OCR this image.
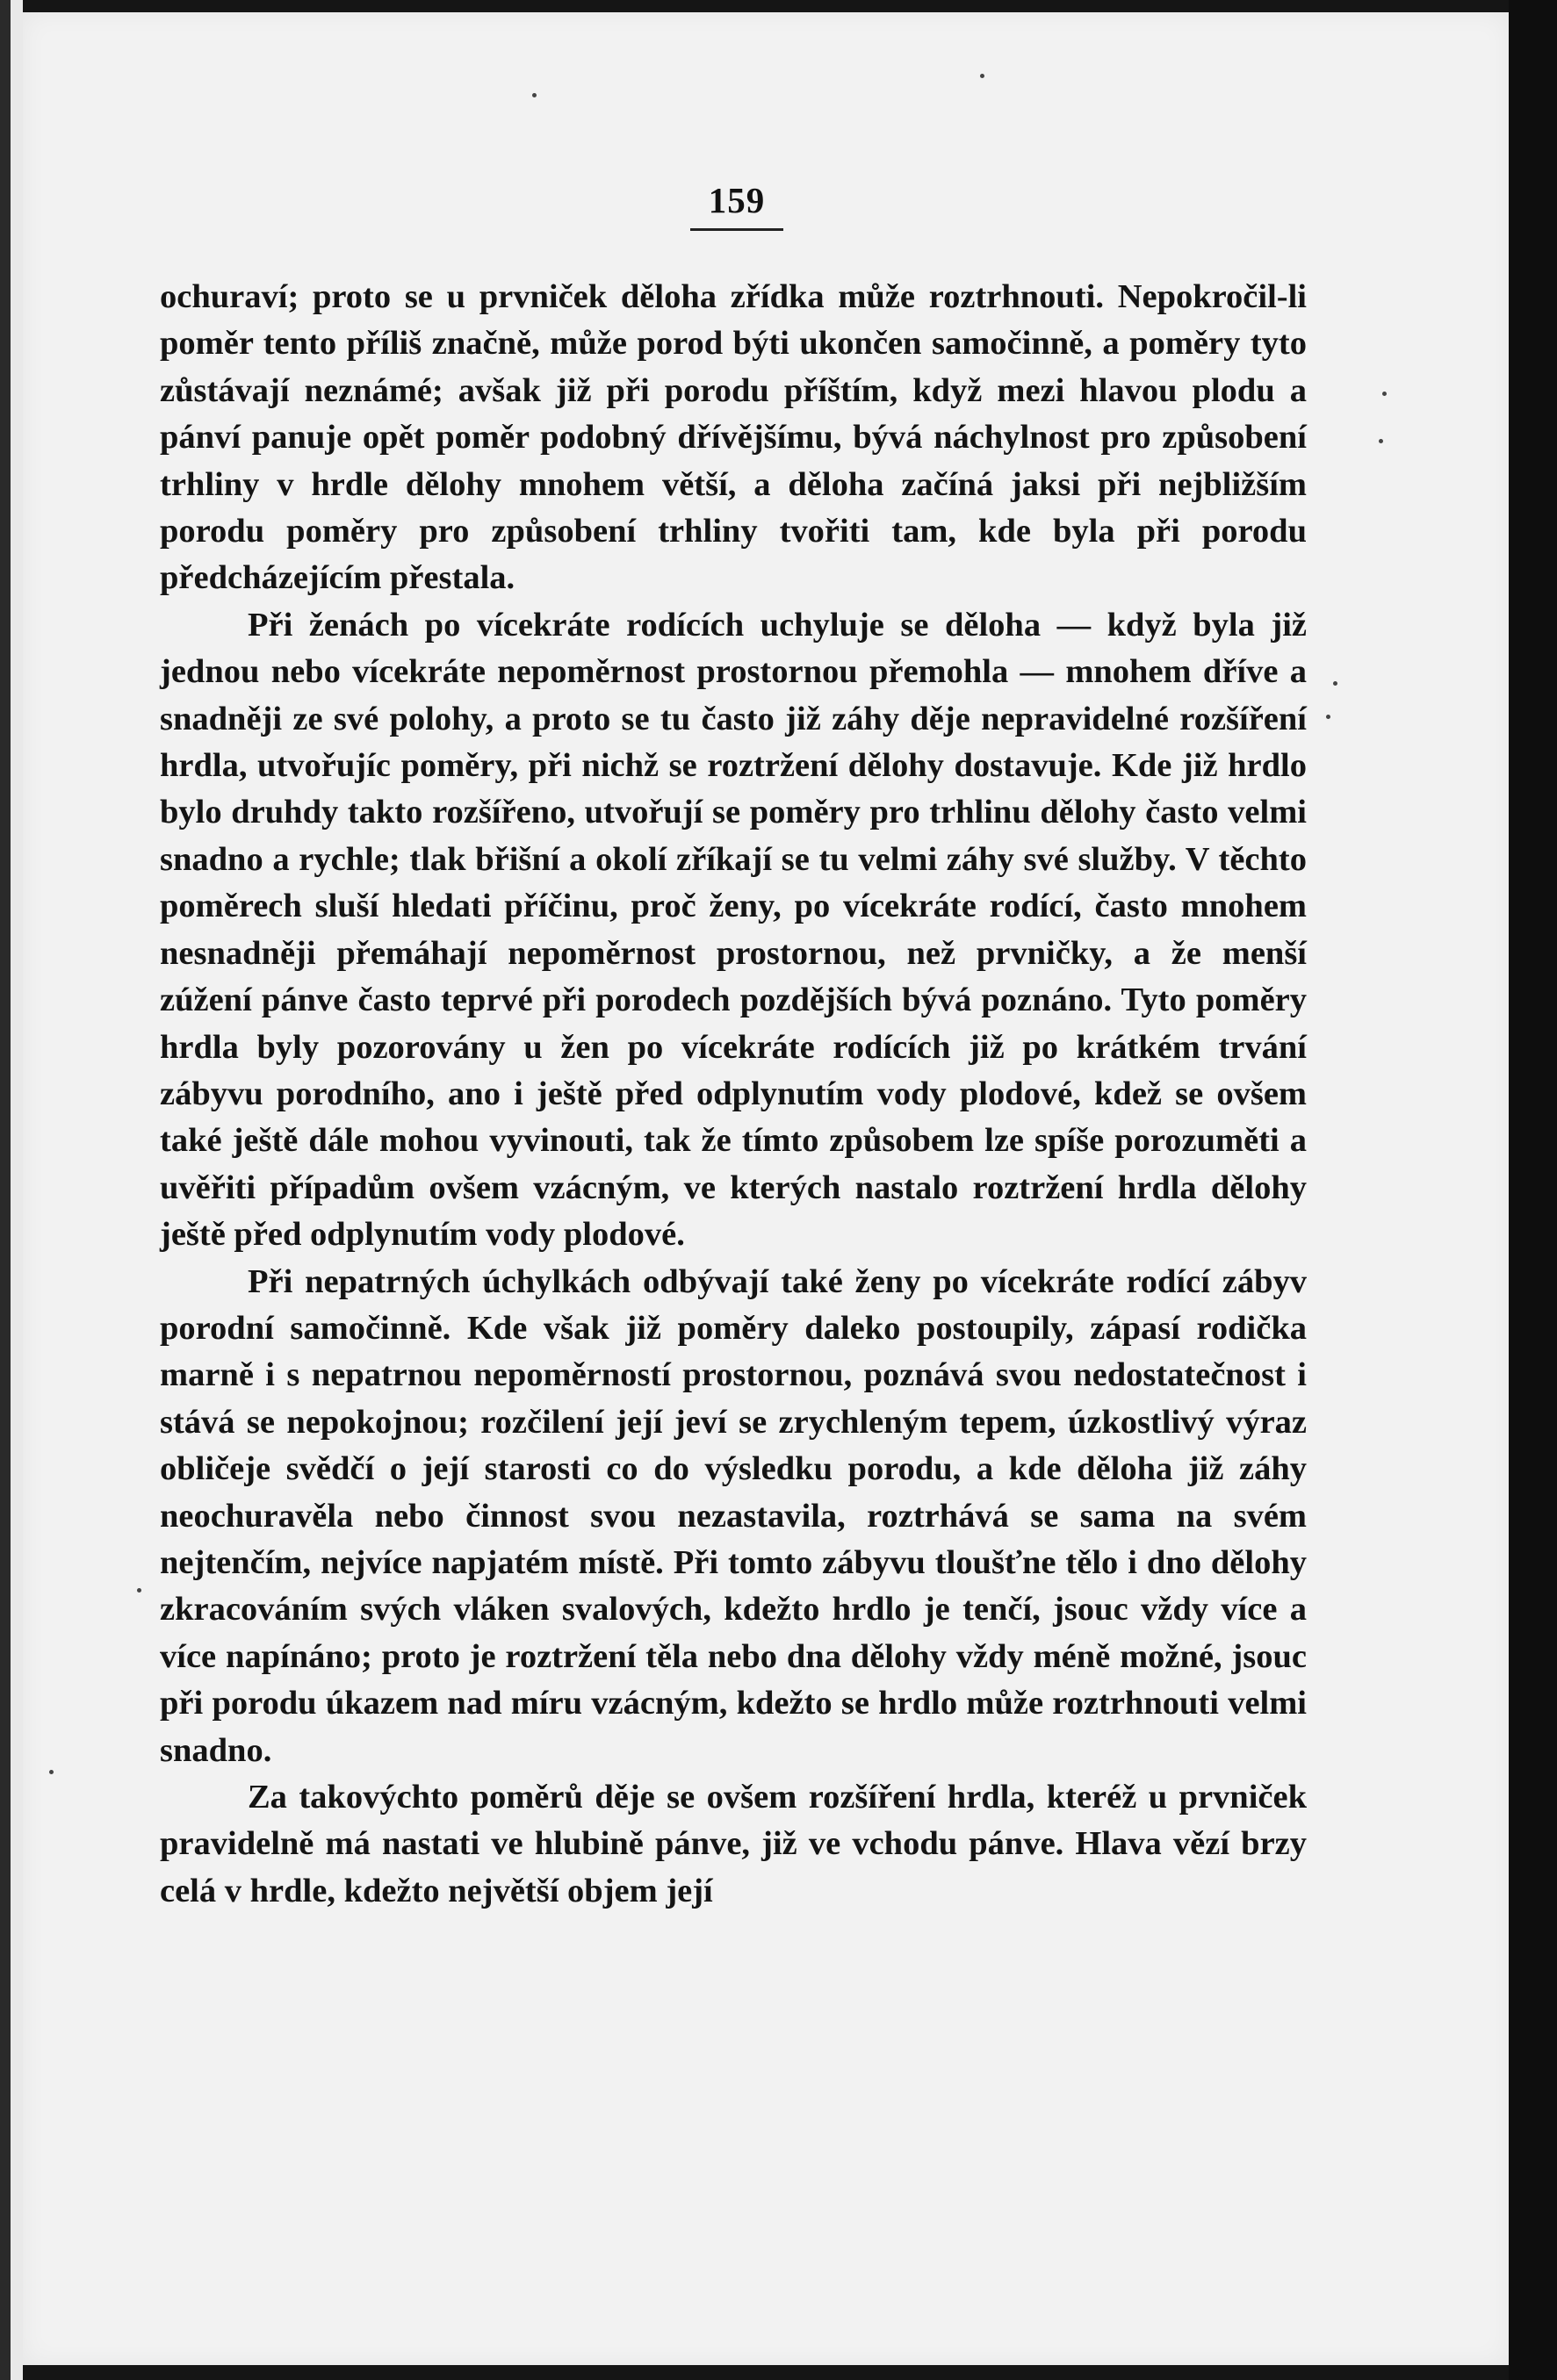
159

ochuraví; proto se u prvniček děloha zřídka může roztrhnouti. Nepokročil-li poměr tento příliš značně, může porod býti ukončen samočinně, a poměry tyto zůstávají neznámé; avšak již při porodu příštím, když mezi hlavou plodu a pánví panuje opět poměr podobný dřívějšímu, bývá náchylnost pro způsobení trhliny v hrdle dělohy mnohem větší, a děloha začíná jaksi při nejbližším porodu poměry pro způsobení trhliny tvořiti tam, kde byla při porodu předcházejícím přestala.

Při ženách po vícekráte rodících uchyluje se děloha — když byla již jednou nebo vícekráte nepoměrnost prostornou přemohla — mnohem dříve a snadněji ze své polohy, a proto se tu často již záhy děje nepravidelné rozšíření hrdla, utvořujíc poměry, při nichž se roztržení dělohy dostavuje. Kde již hrdlo bylo druhdy takto rozšířeno, utvořují se poměry pro trhlinu dělohy často velmi snadno a rychle; tlak břišní a okolí zříkají se tu velmi záhy své služby. V těchto poměrech sluší hledati příčinu, proč ženy, po vícekráte rodící, často mnohem nesnadněji přemáhají nepoměrnost prostornou, než prvničky, a že menší zúžení pánve často teprvé při porodech pozdějších bývá poznáno. Tyto poměry hrdla byly pozorovány u žen po vícekráte rodících již po krátkém trvání zábyvu porodního, ano i ještě před odplynutím vody plodové, kdež se ovšem také ještě dále mohou vyvinouti, tak že tímto způsobem lze spíše porozuměti a uvěřiti případům ovšem vzácným, ve kterých nastalo roztržení hrdla dělohy ještě před odplynutím vody plodové.

Při nepatrných úchylkách odbývají také ženy po vícekráte rodící zábyv porodní samočinně. Kde však již poměry daleko postoupily, zápasí rodička marně i s nepatrnou nepoměrností prostornou, poznává svou nedostatečnost i stává se nepokojnou; rozčilení její jeví se zrychleným tepem, úzkostlivý výraz obličeje svědčí o její starosti co do výsledku porodu, a kde děloha již záhy neochuravěla nebo činnost svou nezastavila, roztrhává se sama na svém nejtenčím, nejvíce napjatém místě. Při tomto zábyvu tloušťne tělo i dno dělohy zkracováním svých vláken svalových, kdežto hrdlo je tenčí, jsouc vždy více a více napínáno; proto je roztržení těla nebo dna dělohy vždy méně možné, jsouc při porodu úkazem nad míru vzácným, kdežto se hrdlo může roztrhnouti velmi snadno.

Za takovýchto poměrů děje se ovšem rozšíření hrdla, kteréž u prvniček pravidelně má nastati ve hlubině pánve, již ve vchodu pánve. Hlava vězí brzy celá v hrdle, kdežto největší objem její
